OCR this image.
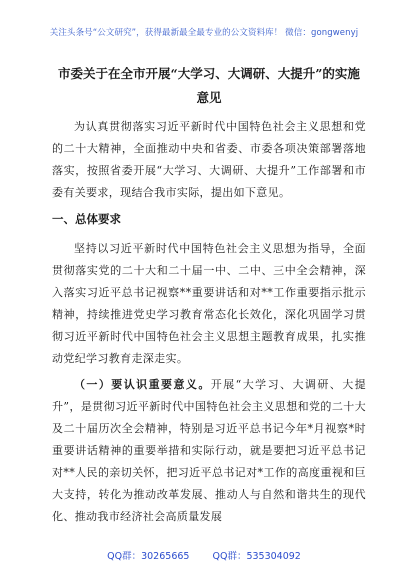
关注头条号“公文研究”，获得最新最全最专业的公文资料库！ 微信：gongwenyj
市委关于在全市开展“大学习、大调研、大提升”的实施意见

为认真贯彻落实习近平新时代中国特色社会主义思想和党的二十大精神，全面推动中央和省委、市委各项决策部署落地落实，按照省委开展“大学习、大调研、大提升”工作部署和市委有关要求，现结合我市实际，提出如下意见。

一、总体要求

坚持以习近平新时代中国特色社会主义思想为指导，全面贯彻落实党的二十大和二十届一中、二中、三中全会精神，深入落实习近平总书记视察**重要讲话和对**工作重要指示批示精神，持续推进党史学习教育常态化长效化，深化巩固学习贯彻习近平新时代中国特色社会主义思想主题教育成果，扎实推动党纪学习教育走深走实。

（一）要认识重要意义。开展“大学习、大调研、大提升”，是贯彻习近平新时代中国特色社会主义思想和党的二十大及二十届历次全会精神，特别是习近平总书记今年*月视察*时重要讲话精神的重要举措和实际行动，就是要把习近平总书记对**人民的亲切关怀，把习近平总书记对*工作的高度重视和巨大支持，转化为推动改革发展、推动人与自然和谐共生的现代化、推动我市经济社会高质量发展

QQ群：30265665 QQ群：535304092
